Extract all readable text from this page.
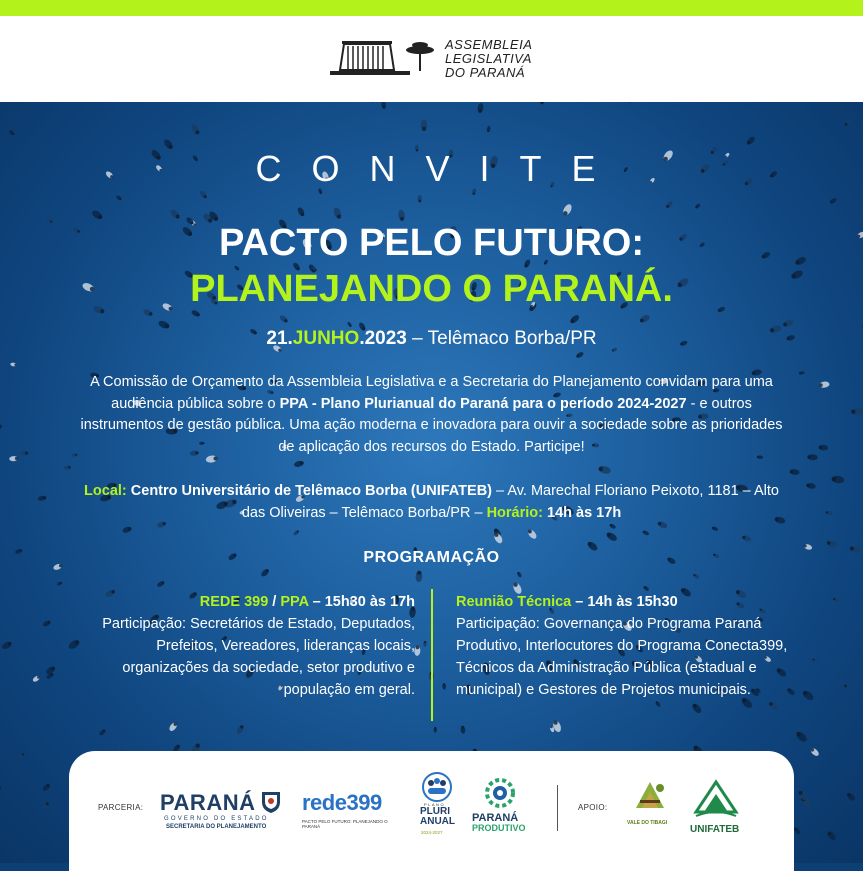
ASSEMBLEIA
LEGISLATIVA
DO PARANÁ
CONVITE
PACTO PELO FUTURO:
PLANEJANDO O PARANÁ.
21.JUNHO.2023 – Telêmaco Borba/PR
A Comissão de Orçamento da Assembleia Legislativa e a Secretaria do Planejamento convidam para uma audiência pública sobre o PPA - Plano Plurianual do Paraná para o período 2024-2027 - e outros instrumentos de gestão pública. Uma ação moderna e inovadora para ouvir a sociedade sobre as prioridades de aplicação dos recursos do Estado. Participe!
Local: Centro Universitário de Telêmaco Borba (UNIFATEB) – Av. Marechal Floriano Peixoto, 1181 – Alto das Oliveiras – Telêmaco Borba/PR – Horário: 14h às 17h
PROGRAMAÇÃO
REDE 399 / PPA – 15h30 às 17h
Participação: Secretários de Estado, Deputados, Prefeitos, Vereadores, lideranças locais, organizações da sociedade, setor produtivo e população em geral.
Reunião Técnica – 14h às 15h30
Participação: Governança do Programa Paraná Produtivo, Interlocutores do Programa Conecta399, Técnicos da Administração Pública (estadual e municipal) e Gestores de Projetos municipais.
PARCERIA: PARANÁ
GOVERNO DO ESTADO
SECRETARIA DO PLANEJAMENTO
rede399
PACTO PELO FUTURO: PLANEJANDO O PARANÁ
PLANO
PLURI
ANUAL
2024-2027
PARANÁ
PRODUTIVO
APOIO:
VALE DO TIBAGI
UNIFATEB
